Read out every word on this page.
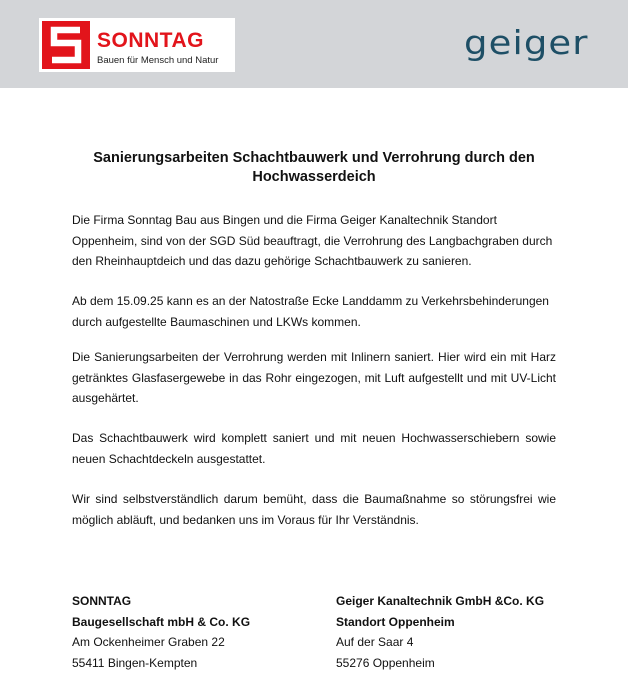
SONNTAG
Bauen für Mensch und Natur	geiger
Sanierungsarbeiten Schachtbauwerk und Verrohrung durch den Hochwasserdeich

Die Firma Sonntag Bau aus Bingen und die Firma Geiger Kanaltechnik Standort Oppenheim, sind von der SGD Süd beauftragt, die Verrohrung des Langbachgraben durch den Rheinhauptdeich und das dazu gehörige Schachtbauwerk zu sanieren.

Ab dem 15.09.25 kann es an der Natostraße Ecke Landdamm zu Verkehrsbehinderungen durch aufgestellte Baumaschinen und LKWs kommen.

Die Sanierungsarbeiten der Verrohrung werden mit Inlinern saniert. Hier wird ein mit Harz getränktes Glasfasergewebe in das Rohr eingezogen, mit Luft aufgestellt und mit UV-Licht ausgehärtet.

Das Schachtbauwerk wird komplett saniert und mit neuen Hochwasserschiebern sowie neuen Schachtdeckeln ausgestattet.

Wir sind selbstverständlich darum bemüht, dass die Baumaßnahme so störungsfrei wie möglich abläuft, und bedanken uns im Voraus für Ihr Verständnis.

SONNTAG
Baugesellschaft mbH & Co. KG
Am Ockenheimer Graben 22
55411 Bingen-Kempten
Geiger Kanaltechnik GmbH &Co. KG
Standort Oppenheim
Auf der Saar 4
55276 Oppenheim
